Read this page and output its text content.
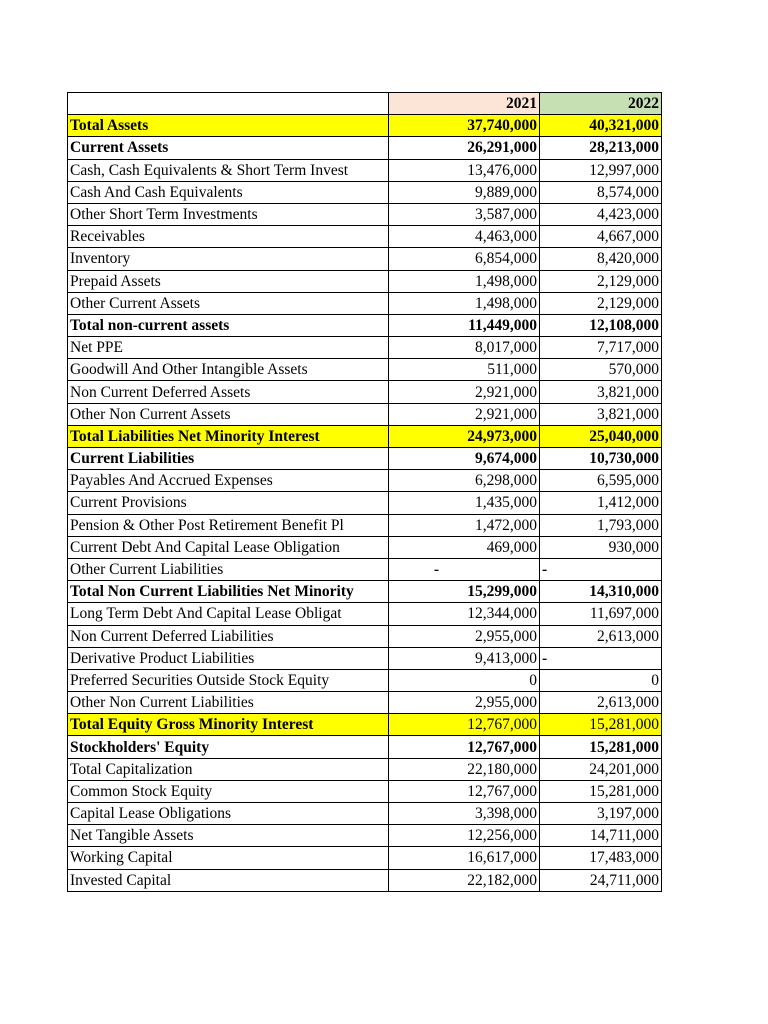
	2021	2022
Total Assets	37,740,000	40,321,000
Current Assets	26,291,000	28,213,000
Cash, Cash Equivalents & Short Term Invest	13,476,000	12,997,000
Cash And Cash Equivalents	9,889,000	8,574,000
Other Short Term Investments	3,587,000	4,423,000
Receivables	4,463,000	4,667,000
Inventory	6,854,000	8,420,000
Prepaid Assets	1,498,000	2,129,000
Other Current Assets	1,498,000	2,129,000
Total non-current assets	11,449,000	12,108,000
Net PPE	8,017,000	7,717,000
Goodwill And Other Intangible Assets	511,000	570,000
Non Current Deferred Assets	2,921,000	3,821,000
Other Non Current Assets	2,921,000	3,821,000
Total Liabilities Net Minority Interest	24,973,000	25,040,000
Current Liabilities	9,674,000	10,730,000
Payables And Accrued Expenses	6,298,000	6,595,000
Current Provisions	1,435,000	1,412,000
Pension & Other Post Retirement Benefit Pl	1,472,000	1,793,000
Current Debt And Capital Lease Obligation	469,000	930,000
Other Current Liabilities	-	-
Total Non Current Liabilities Net Minority	15,299,000	14,310,000
Long Term Debt And Capital Lease Obligat	12,344,000	11,697,000
Non Current Deferred Liabilities	2,955,000	2,613,000
Derivative Product Liabilities	9,413,000	-
Preferred Securities Outside Stock Equity	0	0
Other Non Current Liabilities	2,955,000	2,613,000
Total Equity Gross Minority Interest	12,767,000	15,281,000
Stockholders' Equity	12,767,000	15,281,000
Total Capitalization	22,180,000	24,201,000
Common Stock Equity	12,767,000	15,281,000
Capital Lease Obligations	3,398,000	3,197,000
Net Tangible Assets	12,256,000	14,711,000
Working Capital	16,617,000	17,483,000
Invested Capital	22,182,000	24,711,000
